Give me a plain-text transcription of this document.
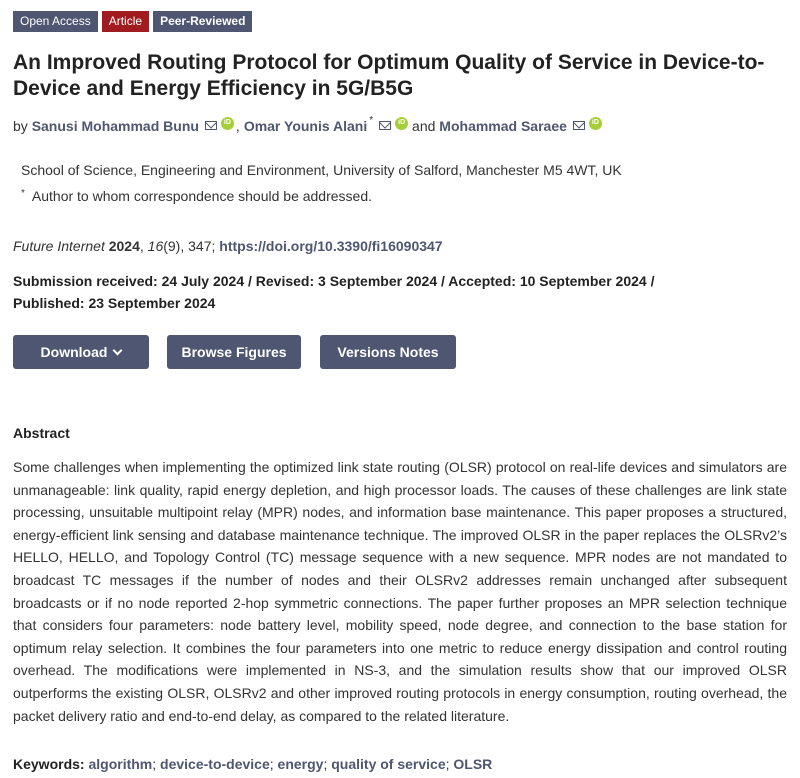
Open Access	Article	Peer-Reviewed
An Improved Routing Protocol for Optimum Quality of Service in Device-to-Device and Energy Efficiency in 5G/B5G
by
Sanusi Mohammad Bunu	iD , Omar Younis Alani *	iD
and
Mohammad Saraee	iD
School of Science, Engineering and Environment, University of Salford, Manchester M5 4WT, UK
* Author to whom correspondence should be addressed.
Future Internet 2024, 16(9), 347; https://doi.org/10.3390/fi16090347
Submission received: 24 July 2024 / Revised: 3 September 2024 / Accepted: 10 September 2024 / Published: 23 September 2024
Download	Browse Figures	Versions Notes
Abstract
Some challenges when implementing the optimized link state routing (OLSR) protocol on real-life devices and simulators are unmanageable: link quality, rapid energy depletion, and high processor loads. The causes of these challenges are link state processing, unsuitable multipoint relay (MPR) nodes, and information base maintenance. This paper proposes a structured, energy-efficient link sensing and database maintenance technique. The improved OLSR in the paper replaces the OLSRv2’s HELLO, HELLO, and Topology Control (TC) message sequence with a new sequence. MPR nodes are not mandated to broadcast TC messages if the number of nodes and their OLSRv2 addresses remain unchanged after subsequent broadcasts or if no node reported 2-hop symmetric connections. The paper further proposes an MPR selection technique that considers four parameters: node battery level, mobility speed, node degree, and connection to the base station for optimum relay selection. It combines the four parameters into one metric to reduce energy dissipation and control routing overhead. The modifications were implemented in NS-3, and the simulation results show that our improved OLSR outperforms the existing OLSR, OLSRv2 and other improved routing protocols in energy consumption, routing overhead, the packet delivery ratio and end-to-end delay, as compared to the related literature.
Keywords: algorithm; device-to-device; energy; quality of service; OLSR
